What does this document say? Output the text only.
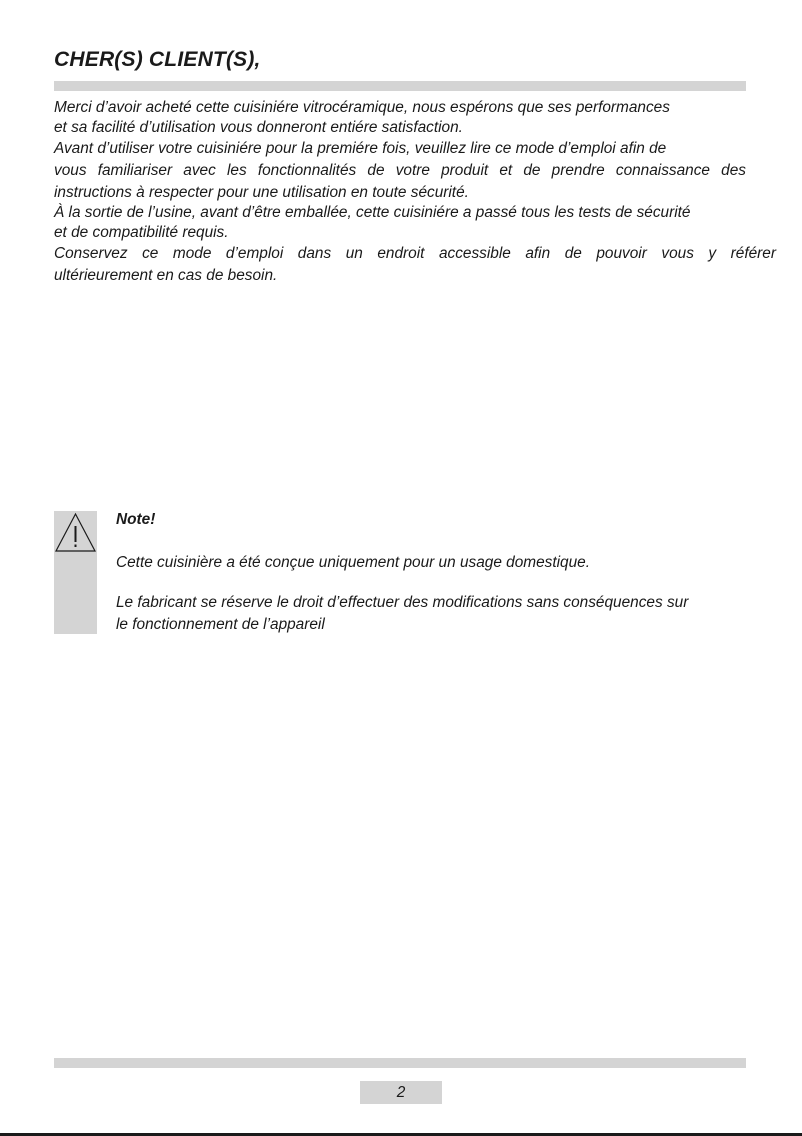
CHER(S) CLIENT(S),
Merci d’avoir acheté cette cuisiniére vitrocéramique, nous espérons que ses performances
et sa facilité d’utilisation vous donneront entiére satisfaction.
Avant d’utiliser votre cuisiniére pour la premiére fois, veuillez lire ce mode d’emploi afin de
vous familiariser avec les fonctionnalités de votre produit et de prendre connaissance des
instructions à respecter pour une utilisation en toute sécurité.
À la sortie de l’usine, avant d’être emballée, cette cuisiniére a passé tous les tests de sécurité
et de compatibilité requis.
Conservez ce mode d’emploi dans un endroit accessible afin de pouvoir vous y référer
ultérieurement en cas de besoin.

Note!

Cette cuisinière a été conçue uniquement pour un usage domestique.

Le fabricant se réserve le droit d’effectuer des modifications sans conséquences sur

le fonctionnement de l’appareil

2
